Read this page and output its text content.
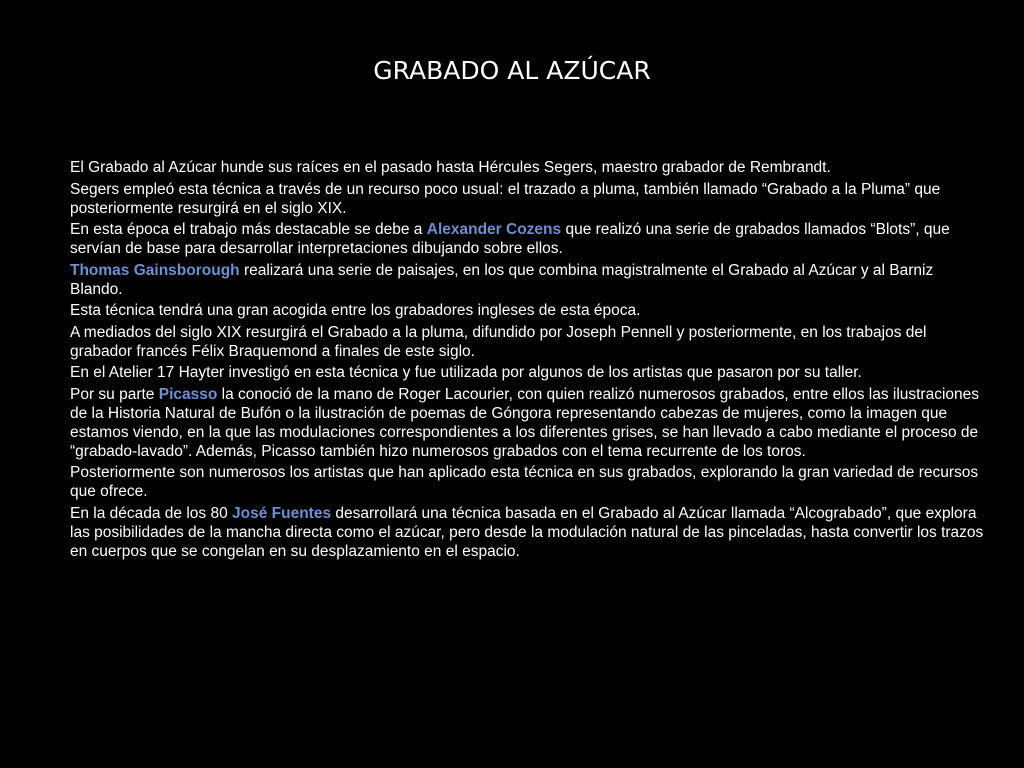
GRABADO AL AZÚCAR

El Grabado al Azúcar hunde sus raíces en el pasado hasta Hércules Segers, maestro grabador de Rembrandt.

Segers empleó esta técnica a través de un recurso poco usual: el trazado a pluma, también llamado “Grabado a la Pluma” que posteriormente resurgirá en el siglo XIX.

En esta época el trabajo más destacable se debe a Alexander Cozens que realizó una serie de grabados llamados “Blots”, que servían de base para desarrollar interpretaciones dibujando sobre ellos.

Thomas Gainsborough realizará una serie de paisajes, en los que combina magistralmente el Grabado al Azúcar y al Barniz Blando.

Esta técnica tendrá una gran acogida entre los grabadores ingleses de esta época.

A mediados del siglo XIX resurgirá el Grabado a la pluma, difundido por Joseph Pennell y posteriormente, en los trabajos del grabador francés Félix Braquemond a finales de este siglo.

En el Atelier 17 Hayter investigó en esta técnica y fue utilizada por algunos de los artistas que pasaron por su taller.

Por su parte Picasso la conoció de la mano de Roger Lacourier, con quien realizó numerosos grabados, entre ellos las ilustraciones de la Historia Natural de Bufón o la ilustración de poemas de Góngora representando cabezas de mujeres, como la imagen que estamos viendo, en la que las modulaciones correspondientes a los diferentes grises, se han llevado a cabo mediante el proceso de “grabado-lavado”. Además, Picasso también hizo numerosos grabados con el tema recurrente de los toros.

Posteriormente son numerosos los artistas que han aplicado esta técnica en sus grabados, explorando la gran variedad de recursos que ofrece.

En la década de los 80 José Fuentes desarrollará una técnica basada en el Grabado al Azúcar llamada “Alcograbado”, que explora las posibilidades de la mancha directa como el azúcar, pero desde la modulación natural de las pinceladas, hasta convertir los trazos en cuerpos que se congelan en su desplazamiento en el espacio.
